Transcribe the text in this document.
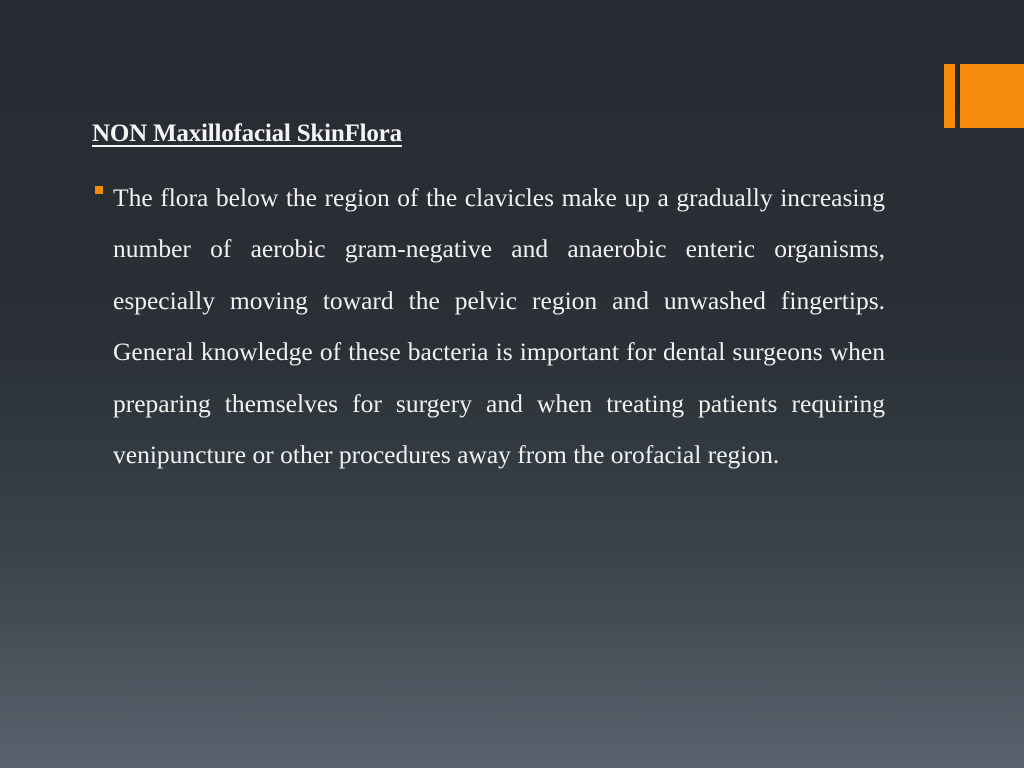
NON Maxillofacial SkinFlora

The flora below the region of the clavicles make up a gradually increasing number of aerobic gram-negative and anaerobic enteric organisms, especially moving toward the pelvic region and unwashed fingertips. General knowledge of these bacteria is important for dental surgeons when preparing themselves for surgery and when treating patients requiring venipuncture or other procedures away from the orofacial region.
